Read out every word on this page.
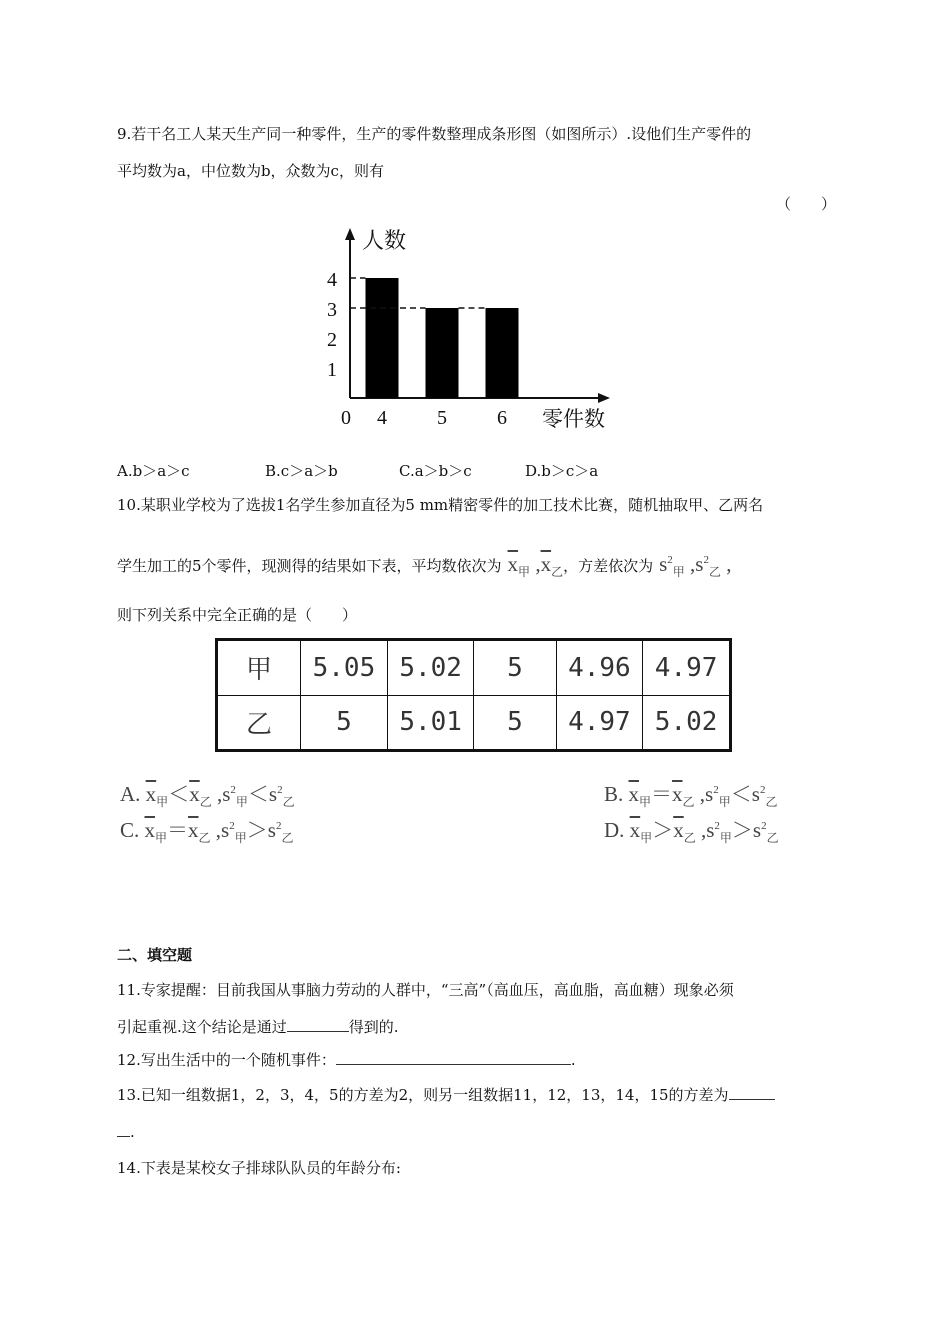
9.若干名工人某天生产同一种零件，生产的零件数整理成条形图（如图所示）.设他们生产零件的
平均数为a，中位数为b，众数为c，则有
（　　）
1
2
3
4
0 4	5	6
人数
零件数
A.b＞a＞c	B.c＞a＞b	C.a＞b＞c	D.b＞c＞a
10.某职业学校为了选拔1名学生参加直径为5 mm精密零件的加工技术比赛，随机抽取甲、乙两名
学生加工的5个零件，现测得的结果如下表，平均数依次为 $\overline{x}_甲$ $,\overline{x}_乙$，方差依次为 $s^2_甲$ $,s^2_乙$ ,
则下列关系中完全正确的是（　　）
甲	5.05	5.02	5	4.96	4.97
乙	5	5.01	5	4.97	5.02
A. $\overline{x}_甲<\overline{x}_乙$ $,s^2_甲<s^2_乙$	B. $\overline{x}_甲=\overline{x}_乙$ $,s^2_甲<s^2_乙$
C. $\overline{x}_甲=\overline{x}_乙$ $,s^2_甲>s^2_乙$	D. $\overline{x}_甲>\overline{x}_乙$ $,s^2_甲>s^2_乙$
二、填空题
11.专家提醒：目前我国从事脑力劳动的人群中，“三高”（高血压，高血脂，高血糖）现象必须
引起重视.这个结论是通过	得到的.
12.写出生活中的一个随机事件：	.
13.已知一组数据1，2，3，4，5的方差为2，则另一组数据11，12，13，14，15的方差为
.
14.下表是某校女子排球队队员的年龄分布:
